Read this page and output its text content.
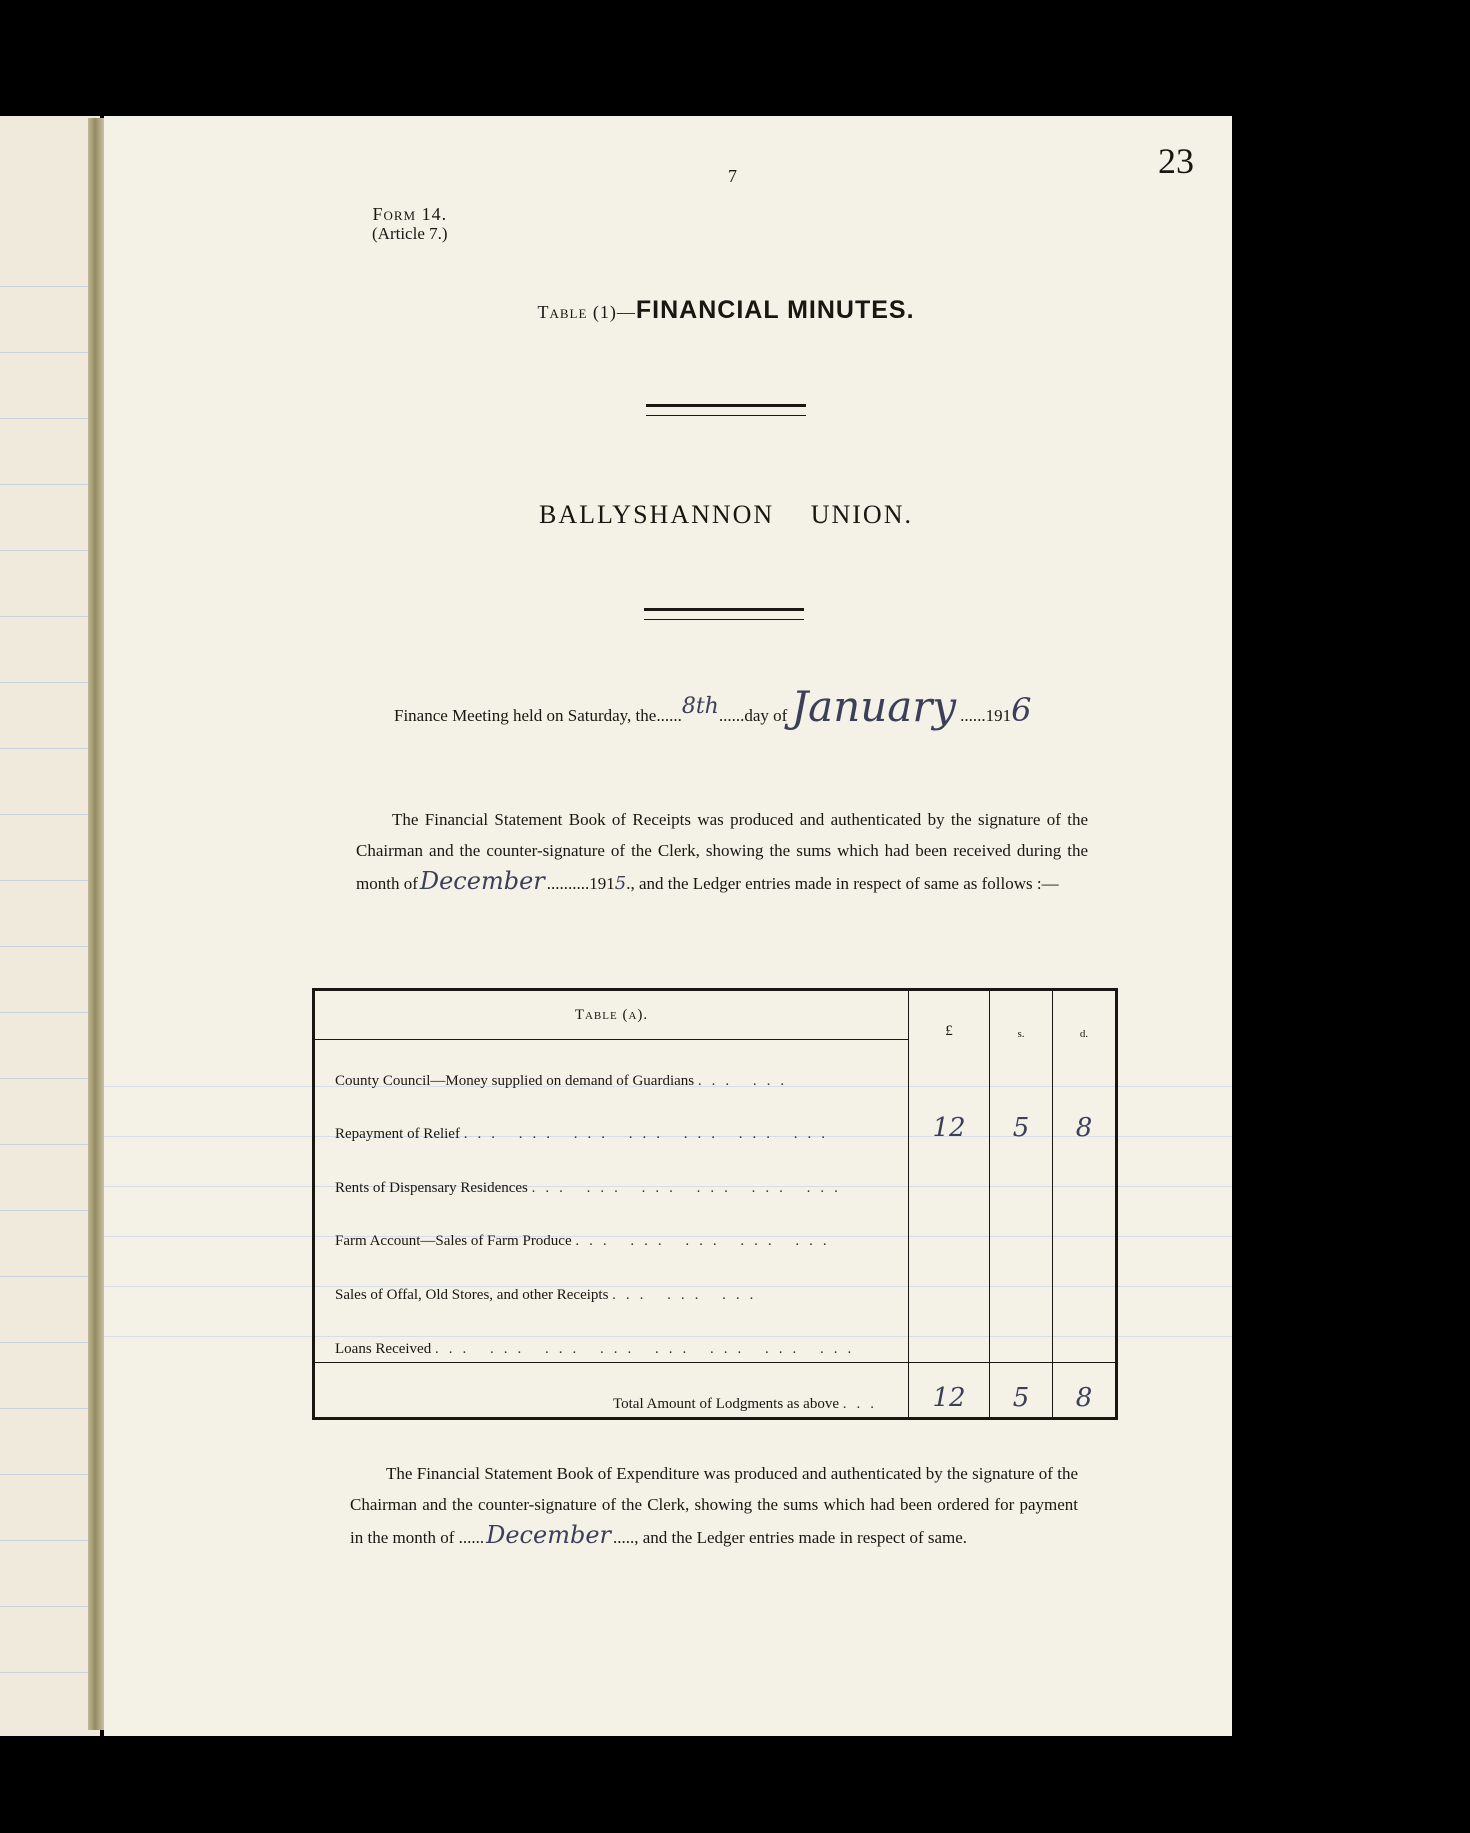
7	23
Form 14.
(Article 7.)
Table (1)—FINANCIAL MINUTES.
BALLYSHANNON UNION.
Finance Meeting held on Saturday, the......8th......day ofJanuary ......1916
The Financial Statement Book of Receipts was produced and authenticated by the signature of the Chairman and the counter-signature of the Clerk, showing the sums which had been received during the month ofDecember ..........1915., and the Ledger entries made in respect of same as follows :—
Table (a).	£	s.	d.
County Council—Money supplied on demand of Guardians ... ...			
Repayment of Relief ... ... ... ... ... ... ...	12	5	8
Rents of Dispensary Residences ... ... ... ... ... ...			
Farm Account—Sales of Farm Produce ... ... ... ... ...			
Sales of Offal, Old Stores, and other Receipts ... ... ...			
Loans Received ... ... ... ... ... ... ... ...			
Total Amount of Lodgments as above ...	12	5	8
The Financial Statement Book of Expenditure was produced and authenticated by the signature of the Chairman and the counter-signature of the Clerk, showing the sums which had been ordered for payment in the month of ......December ....., and the Ledger entries made in respect of same.
